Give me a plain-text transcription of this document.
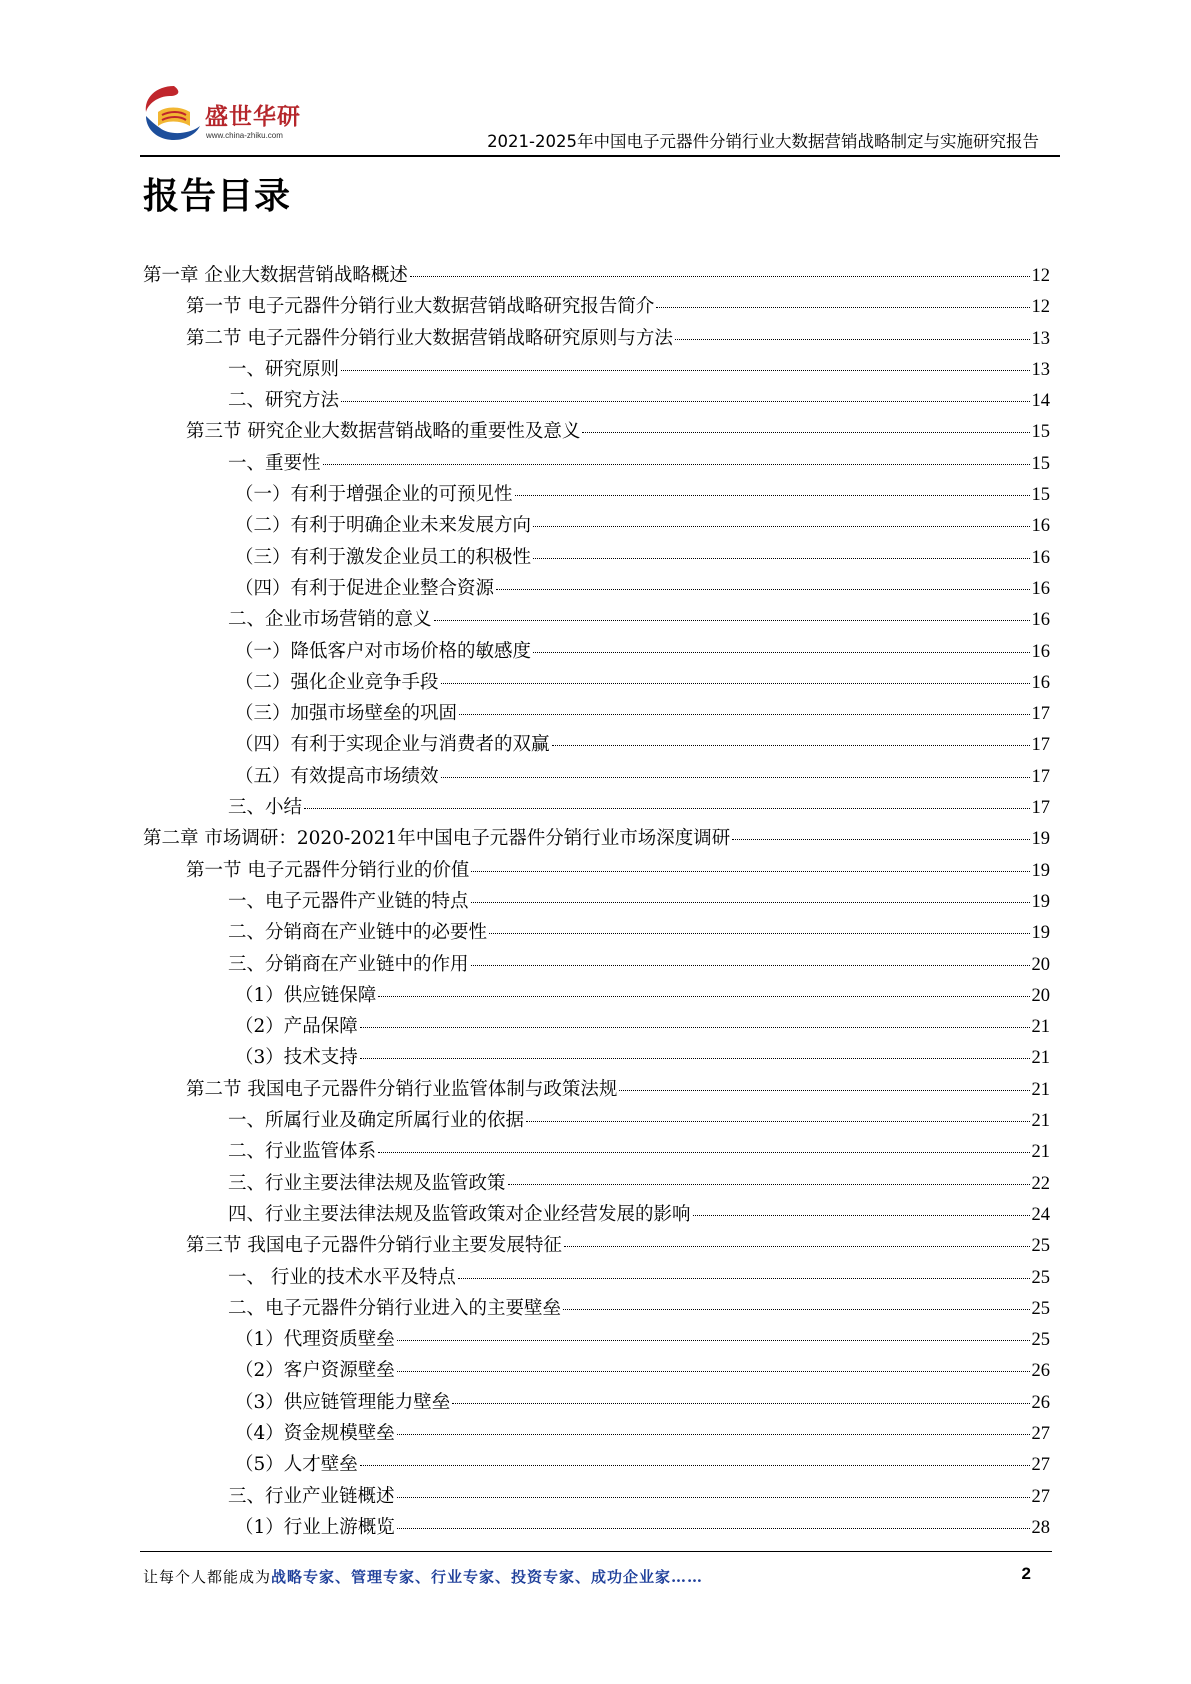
盛世华研
www.china-zhiku.com	2021-2025年中国电子元器件分销行业大数据营销战略制定与实施研究报告
报告目录
第一章 企业大数据营销战略概述	12
第一节 电子元器件分销行业大数据营销战略研究报告简介	12
第二节 电子元器件分销行业大数据营销战略研究原则与方法	13
一、研究原则	13
二、研究方法	14
第三节 研究企业大数据营销战略的重要性及意义	15
一、重要性	15
（一）有利于增强企业的可预见性	15
（二）有利于明确企业未来发展方向	16
（三）有利于激发企业员工的积极性	16
（四）有利于促进企业整合资源	16
二、企业市场营销的意义	16
（一）降低客户对市场价格的敏感度	16
（二）强化企业竞争手段	16
（三）加强市场壁垒的巩固	17
（四）有利于实现企业与消费者的双赢	17
（五）有效提高市场绩效	17
三、小结	17
第二章 市场调研：2020-2021年中国电子元器件分销行业市场深度调研	19
第一节 电子元器件分销行业的价值	19
一、电子元器件产业链的特点	19
二、分销商在产业链中的必要性	19
三、分销商在产业链中的作用	20
（1）供应链保障	20
（2）产品保障	21
（3）技术支持	21
第二节 我国电子元器件分销行业监管体制与政策法规	21
一、所属行业及确定所属行业的依据	21
二、行业监管体系	21
三、行业主要法律法规及监管政策	22
四、行业主要法律法规及监管政策对企业经营发展的影响	24
第三节 我国电子元器件分销行业主要发展特征	25
一、 行业的技术水平及特点	25
二、电子元器件分销行业进入的主要壁垒	25
（1）代理资质壁垒	25
（2）客户资源壁垒	26
（3）供应链管理能力壁垒	26
（4）资金规模壁垒	27
（5）人才壁垒	27
三、行业产业链概述	27
（1）行业上游概览	28
让每个人都能成为战略专家、管理专家、行业专家、投资专家、成功企业家……	2
